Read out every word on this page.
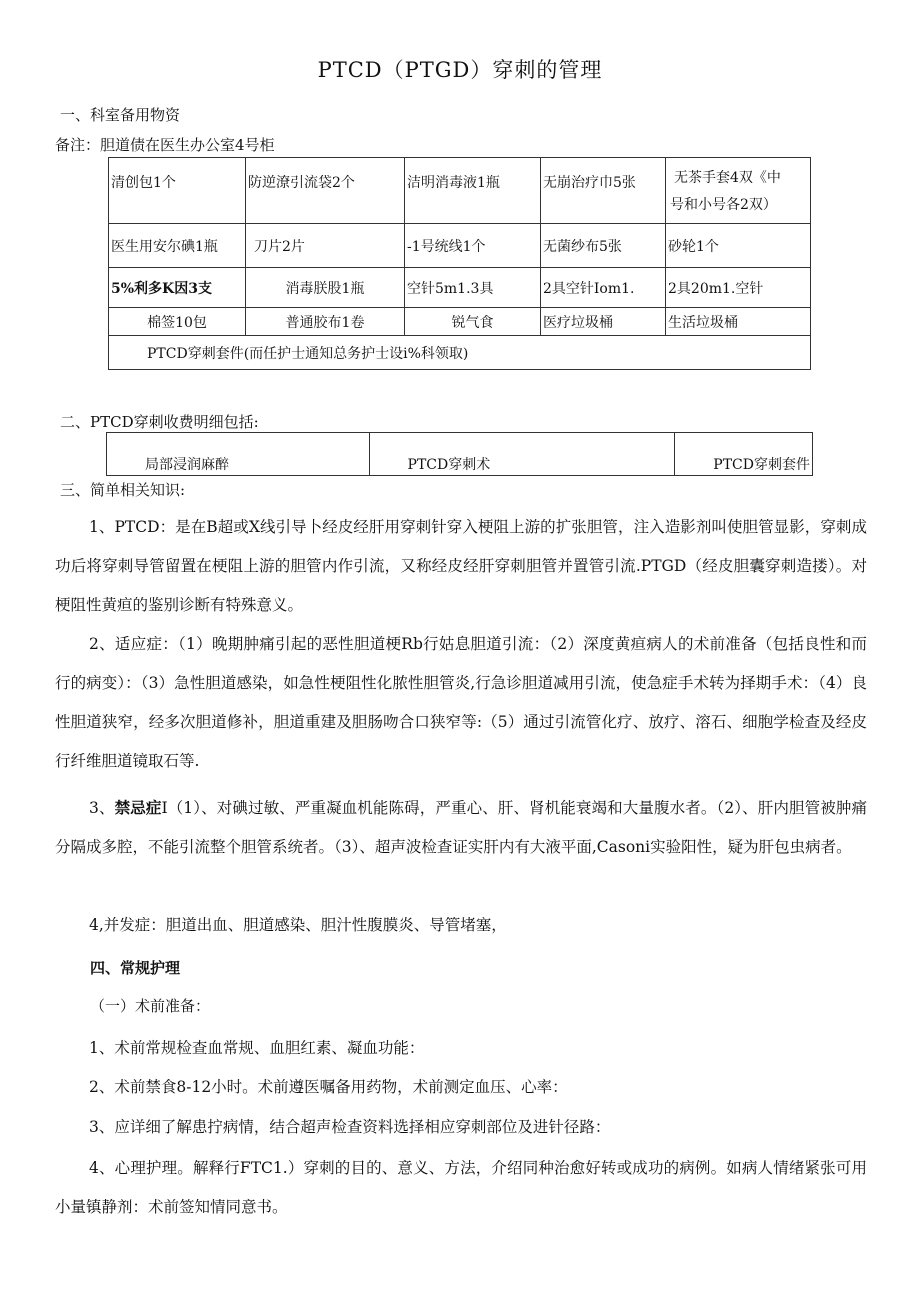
PTCD（PTGD）穿刺的管理
一、科室备用物资
备注：胆道债在医生办公室4号柜
清创包1个	防逆潦引流袋2个	洁明消毒液1瓶	无崩治疗巾5张	无茶手套4双《中
号和小号各2双）

医生用安尔碘1瓶	刀片2片	-1号统线1个	无菌纱布5张	砂轮1个
5%利多K因3支	消毒朕股1瓶	空针5m1.3具	2具空针Iom1.	2具20m1.空针
棉签10包	普通胶布1卷	锐气食	医疗垃圾桶	生活垃圾桶
PTCD穿刺套件(而任护士通知总务护士设i%科领取)				
二、PTCD穿刺收费明细包括:
局部浸润麻醉	PTCD穿刺术	PTCD穿刺套件
三、简单相关知识:
1、PTCD：是在B超或X线引导卜经皮经肝用穿刺针穿入梗阻上游的扩张胆管，注入造影剂叫使胆管显影，穿刺成功后将穿刺导管留置在梗阻上游的胆管内作引流，又称经皮经肝穿刺胆管并置管引流.PTGD（经皮胆囊穿刺造搂）。对梗阻性黄疸的鉴别诊断有特殊意义。
2、适应症：（1）晚期肿痛引起的恶性胆道梗Rb行姑息胆道引流：（2）深度黄疸病人的术前准备（包括良性和而行的病变）：（3）急性胆道感染，如急性梗阻性化脓性胆管炎,行急诊胆道减用引流，使急症手术转为择期手术：（4）良性胆道狭窄，经多次胆道修补，胆道重建及胆肠吻合口狭窄等:（5）通过引流管化疗、放疗、溶石、细胞学检查及经皮行纤维胆道镜取石等.
3、禁忌症I（1）、对碘过敏、严重凝血机能陈碍，严重心、肝、肾机能衰竭和大量腹水者。（2）、肝内胆管被肿痛分隔成多腔，不能引流整个胆管系统者。（3）、超声波检查证实肝内有大液平面,Casoni实验阳性，疑为肝包虫病者。
4,并发症：胆道出血、胆道感染、胆汁性腹膜炎、导管堵塞，
四、常规护理
（一）术前准备：
1、术前常规检查血常规、血胆红素、凝血功能：
2、术前禁食8-12小时。术前遵医嘱备用药物，术前测定血压、心率：
3、应详细了解患拧病情，结合超声检查资料选择相应穿刺部位及进针径路：
4、心理护理。解释行FTC1.）穿刺的目的、意义、方法，介绍同种治愈好转或成功的病例。如病人情绪紧张可用小量镇静剂：术前签知情同意书。
